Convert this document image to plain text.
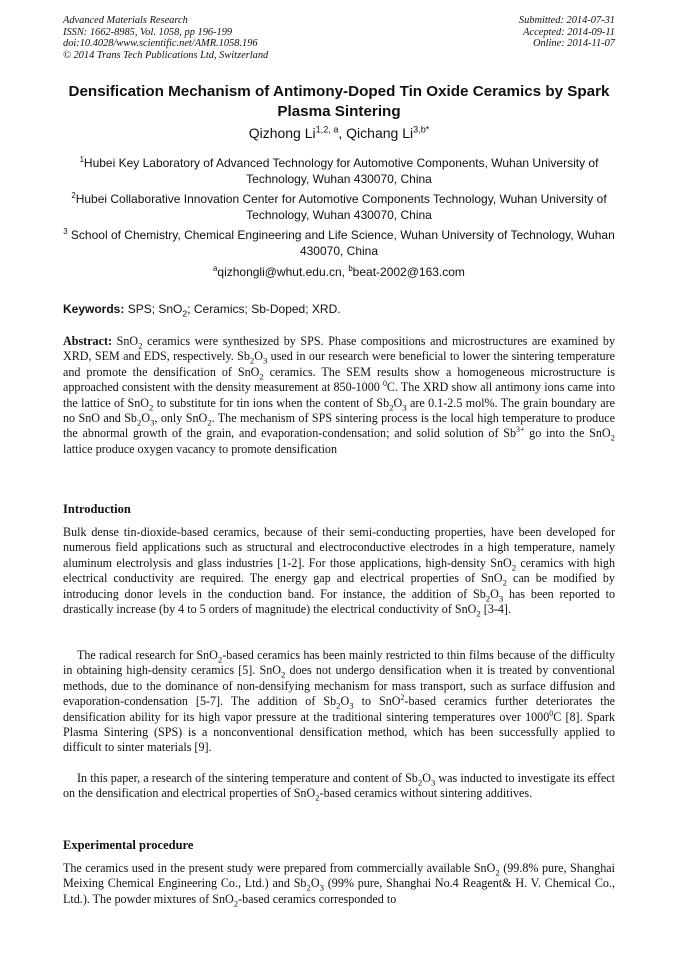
Advanced Materials Research
ISSN: 1662-8985, Vol. 1058, pp 196-199
doi:10.4028/www.scientific.net/AMR.1058.196
© 2014 Trans Tech Publications Ltd, Switzerland
Submitted: 2014-07-31
Accepted: 2014-09-11
Online: 2014-11-07
Densification Mechanism of Antimony-Doped Tin Oxide Ceramics by Spark Plasma Sintering
Qizhong Li$^{1,2, a}$, Qichang $Li^{3,b*}$
$^1$Hubei Key Laboratory of Advanced Technology for Automotive Components, Wuhan University of Technology, Wuhan 430070, China
$^2$Hubei Collaborative Innovation Center for Automotive Components Technology, Wuhan University of Technology, Wuhan 430070, China
$^3$ School of Chemistry, Chemical Engineering and Life Science, Wuhan University of Technology, Wuhan 430070, China
$^a$qizhongli@whut.edu.cn, $^b$beat-2002@163.com
Keywords: SPS; SnO$_2$; Ceramics; Sb-Doped; XRD.
Abstract: SnO$_2$ ceramics were synthesized by SPS. Phase compositions and microstructures are examined by XRD, SEM and EDS, respectively. $Sb_2O_3$ used in our research were beneficial to lower the sintering temperature and promote the densification of SnO$_2$ ceramics. The SEM results show a homogeneous microstructure is approached consistent with the density measurement at 850-1000 $^0$C. The XRD show all antimony ions came into the lattice of SnO$_2$ to substitute for tin ions when the content of $Sb_2O_3$ are 0.1-2.5 mol%. The grain boundary are no SnO and $Sb_2O_3$, only SnO$_2$. The mechanism of SPS sintering process is the local high temperature to produce the abnormal growth of the grain, and evaporation-condensation; and solid solution of $Sb^{3+}$ go into the SnO$_2$ lattice produce oxygen vacancy to promote densification
Introduction
Bulk dense tin-dioxide-based ceramics, because of their semi-conducting properties, have been developed for numerous field applications such as structural and electroconductive electrodes in a high temperature, namely aluminum electrolysis and glass industries [1-2]. For those applications, high-density SnO$_2$ ceramics with high electrical conductivity are required. The energy gap and electrical properties of SnO$_2$ can be modified by introducing donor levels in the conduction band. For instance, the addition of $Sb_2O_3$ has been reported to drastically increase (by 4 to 5 orders of magnitude) the electrical conductivity of SnO$_2$ [3-4].
The radical research for SnO$_2$-based ceramics has been mainly restricted to thin films because of the difficulty in obtaining high-density ceramics [5]. SnO$_2$ does not undergo densification when it is treated by conventional methods, due to the dominance of non-densifying mechanism for mass transport, such as surface diffusion and evaporation-condensation [5-7]. The addition of $Sb_2O_3$ to SnO$^2$-based ceramics further deteriorates the densification ability for its high vapor pressure at the traditional sintering temperatures over 1000$^0$C [8]. Spark Plasma Sintering (SPS) is a nonconventional densification method, which has been successfully applied to difficult to sinter materials [9].
In this paper, a research of the sintering temperature and content of $Sb_2O_3$ was inducted to investigate its effect on the densification and electrical properties of SnO$_2$-based ceramics without sintering additives.
Experimental procedure
The ceramics used in the present study were prepared from commercially available SnO$_2$ (99.8% pure, Shanghai Meixing Chemical Engineering Co., Ltd.) and $Sb_2O_3$ (99% pure, Shanghai No.4 Reagent& H. V. Chemical Co., Ltd.). The powder mixtures of SnO$_2$-based ceramics corresponded to
